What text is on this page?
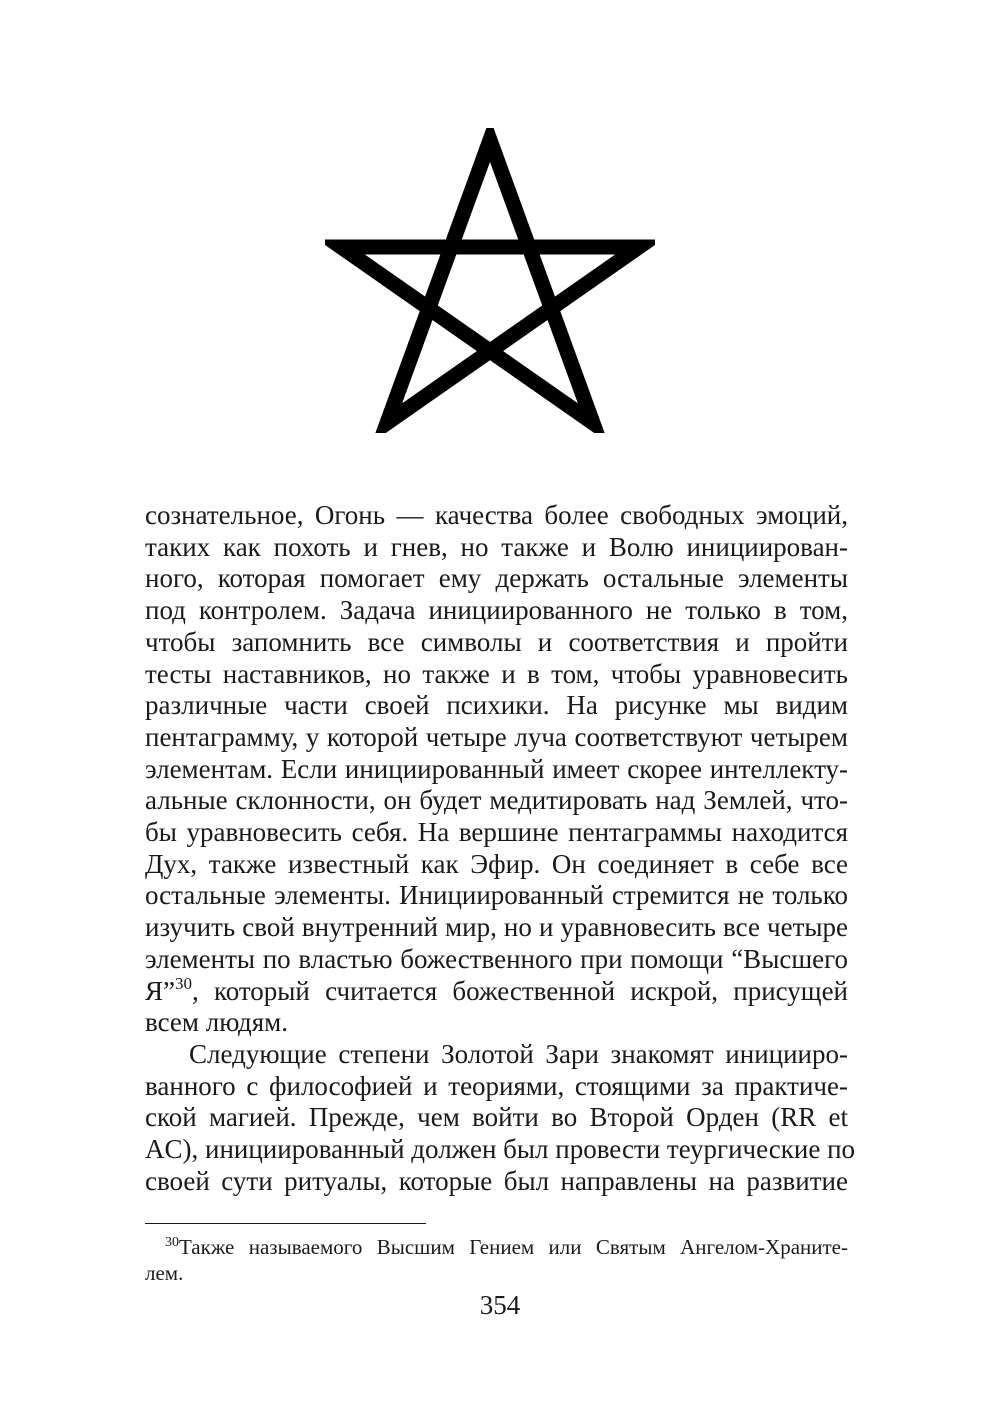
сознательное, Огонь — качества более свободных эмоций,
таких как похоть и гнев, но также и Волю инициирован-
ного, которая помогает ему держать остальные элементы
под контролем. Задача инициированного не только в том,
чтобы запомнить все символы и соответствия и пройти
тесты наставников, но также и в том, чтобы уравновесить
различные части своей психики. На рисунке мы видим
пентаграмму, у которой четыре луча соответствуют четырем
элементам. Если инициированный имеет скорее интеллекту-
альные склонности, он будет медитировать над Землей, что-
бы уравновесить себя. На вершине пентаграммы находится
Дух, также известный как Эфир. Он соединяет в себе все
остальные элементы. Инициированный стремится не только
изучить свой внутренний мир, но и уравновесить все четыре
элементы по властью божественного при помощи “Высшего
Я”$^{30}$, который считается божественной искрой, присущей
всем людям.

Следующие степени Золотой Зари знакомят иницииро-
ванного с философией и теориями, стоящими за практиче-
ской магией. Прежде, чем войти во Второй Орден (RR et
AC), инициированный должен был провести теургические по
своей сути ритуалы, которые был направлены на развитие

$^{30}$Также называемого Высшим Гением или Святым Ангелом-Храните-
лем.
354
